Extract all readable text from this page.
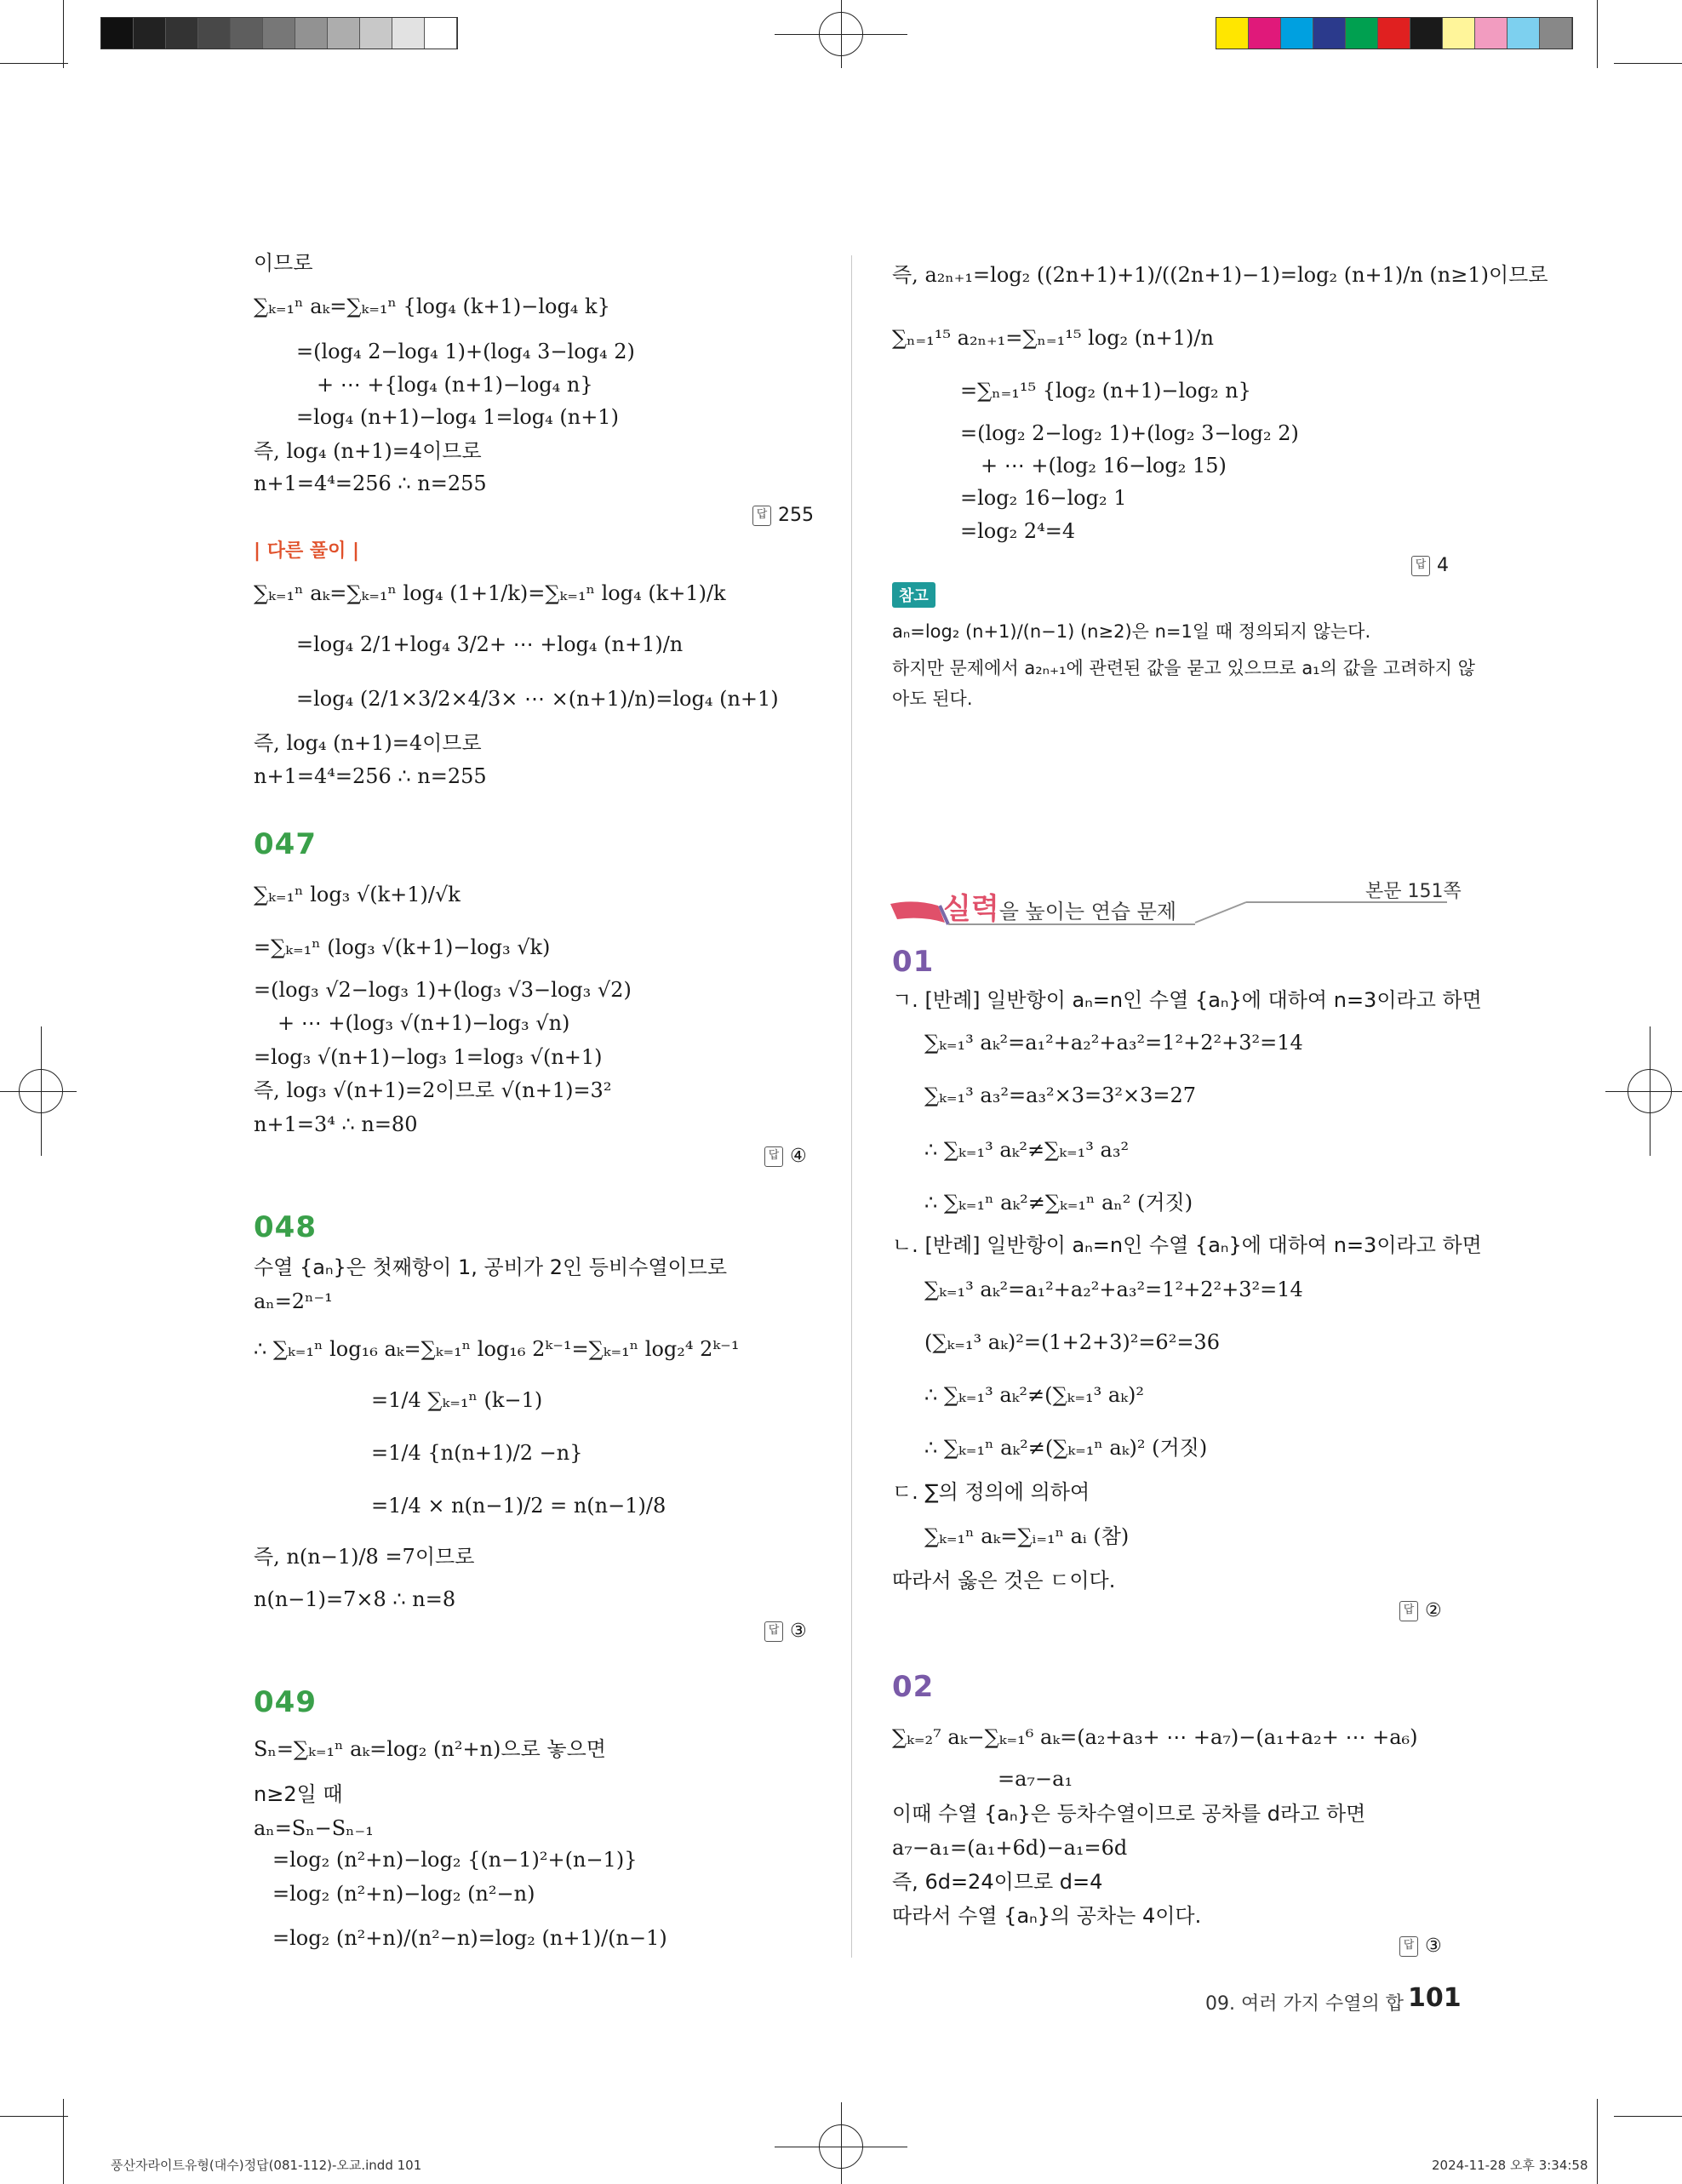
이므로
∑ₖ₌₁ⁿ aₖ=∑ₖ₌₁ⁿ {log₄ (k+1)−log₄ k}
=(log₄ 2−log₄ 1)+(log₄ 3−log₄ 2)
+ ⋯ +{log₄ (n+1)−log₄ n}
=log₄ (n+1)−log₄ 1=log₄ (n+1)
즉, log₄ (n+1)=4이므로
n+1=4⁴=256 ∴ n=255
답 255
| 다른 풀이 |
∑ₖ₌₁ⁿ aₖ=∑ₖ₌₁ⁿ log₄ (1+1/k)=∑ₖ₌₁ⁿ log₄ (k+1)/k
=log₄ 2/1+log₄ 3/2+ ⋯ +log₄ (n+1)/n
=log₄ (2/1×3/2×4/3× ⋯ ×(n+1)/n)=log₄ (n+1)
즉, log₄ (n+1)=4이므로
n+1=4⁴=256 ∴ n=255
047
∑ₖ₌₁ⁿ log₃ √(k+1)/√k
=∑ₖ₌₁ⁿ (log₃ √(k+1)−log₃ √k)
=(log₃ √2−log₃ 1)+(log₃ √3−log₃ √2)
+ ⋯ +(log₃ √(n+1)−log₃ √n)
=log₃ √(n+1)−log₃ 1=log₃ √(n+1)
즉, log₃ √(n+1)=2이므로 √(n+1)=3²
n+1=3⁴ ∴ n=80
답 ④
048
수열 {aₙ}은 첫째항이 1, 공비가 2인 등비수열이므로
aₙ=2ⁿ⁻¹
∴ ∑ₖ₌₁ⁿ log₁₆ aₖ=∑ₖ₌₁ⁿ log₁₆ 2ᵏ⁻¹=∑ₖ₌₁ⁿ log₂⁴ 2ᵏ⁻¹
=1/4 ∑ₖ₌₁ⁿ (k−1)
=1/4 {n(n+1)/2 −n}
=1/4 × n(n−1)/2 = n(n−1)/8
즉, n(n−1)/8 =7이므로
n(n−1)=7×8 ∴ n=8
답 ③
049
Sₙ=∑ₖ₌₁ⁿ aₖ=log₂ (n²+n)으로 놓으면
n≥2일 때
aₙ=Sₙ−Sₙ₋₁
=log₂ (n²+n)−log₂ {(n−1)²+(n−1)}
=log₂ (n²+n)−log₂ (n²−n)
=log₂ (n²+n)/(n²−n)=log₂ (n+1)/(n−1)
즉, a₂ₙ₊₁=log₂ ((2n+1)+1)/((2n+1)−1)=log₂ (n+1)/n (n≥1)이므로
∑ₙ₌₁¹⁵ a₂ₙ₊₁=∑ₙ₌₁¹⁵ log₂ (n+1)/n
=∑ₙ₌₁¹⁵ {log₂ (n+1)−log₂ n}
=(log₂ 2−log₂ 1)+(log₂ 3−log₂ 2)
+ ⋯ +(log₂ 16−log₂ 15)
=log₂ 16−log₂ 1
=log₂ 2⁴=4
답 4
참고
aₙ=log₂ (n+1)/(n−1) (n≥2)은 n=1일 때 정의되지 않는다.
하지만 문제에서 a₂ₙ₊₁에 관련된 값을 묻고 있으므로 a₁의 값을 고려하지 않
아도 된다.
실력을 높이는 연습 문제
본문 151쪽
01
ㄱ. [반례] 일반항이 aₙ=n인 수열 {aₙ}에 대하여 n=3이라고 하면
∑ₖ₌₁³ aₖ²=a₁²+a₂²+a₃²=1²+2²+3²=14
∑ₖ₌₁³ a₃²=a₃²×3=3²×3=27
∴ ∑ₖ₌₁³ aₖ²≠∑ₖ₌₁³ a₃²
∴ ∑ₖ₌₁ⁿ aₖ²≠∑ₖ₌₁ⁿ aₙ² (거짓)
ㄴ. [반례] 일반항이 aₙ=n인 수열 {aₙ}에 대하여 n=3이라고 하면
∑ₖ₌₁³ aₖ²=a₁²+a₂²+a₃²=1²+2²+3²=14
(∑ₖ₌₁³ aₖ)²=(1+2+3)²=6²=36
∴ ∑ₖ₌₁³ aₖ²≠(∑ₖ₌₁³ aₖ)²
∴ ∑ₖ₌₁ⁿ aₖ²≠(∑ₖ₌₁ⁿ aₖ)² (거짓)
ㄷ. ∑의 정의에 의하여
∑ₖ₌₁ⁿ aₖ=∑ᵢ₌₁ⁿ aᵢ (참)
따라서 옳은 것은 ㄷ이다.
답 ②
02
∑ₖ₌₂⁷ aₖ−∑ₖ₌₁⁶ aₖ=(a₂+a₃+ ⋯ +a₇)−(a₁+a₂+ ⋯ +a₆)
=a₇−a₁
이때 수열 {aₙ}은 등차수열이므로 공차를 d라고 하면
a₇−a₁=(a₁+6d)−a₁=6d
즉, 6d=24이므로 d=4
따라서 수열 {aₙ}의 공차는 4이다.
답 ③
09. 여러 가지 수열의 합 101
풍산자라이트유형(대수)정답(081-112)-오교.indd 101	2024-11-28 오후 3:34:58
